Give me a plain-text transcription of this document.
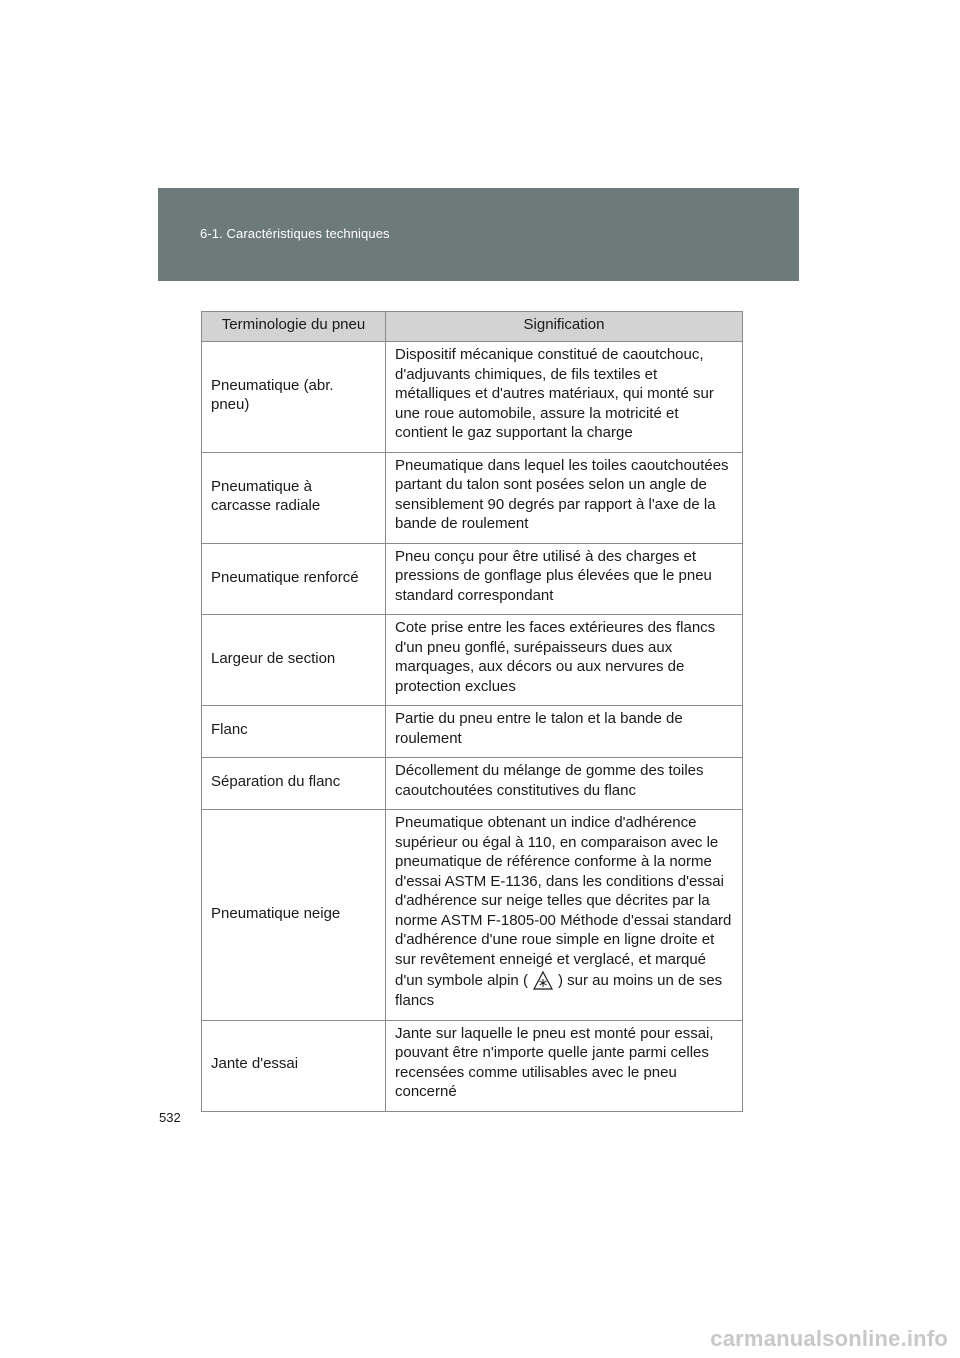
6-1. Caractéristiques techniques
Terminologie du pneu	Signification
Pneumatique (abr. pneu)	Dispositif mécanique constitué de caoutchouc, d'adjuvants chimiques, de fils textiles et métalliques et d'autres matériaux, qui monté sur une roue automobile, assure la motricité et contient le gaz supportant la charge
Pneumatique à carcasse radiale	Pneumatique dans lequel les toiles caoutchoutées partant du talon sont posées selon un angle de sensiblement 90 degrés par rapport à l'axe de la bande de roulement
Pneumatique renforcé	Pneu conçu pour être utilisé à des charges et pressions de gonflage plus élevées que le pneu standard correspondant
Largeur de section	Cote prise entre les faces extérieures des flancs d'un pneu gonflé, surépaisseurs dues aux marquages, aux décors ou aux nervures de protection exclues
Flanc	Partie du pneu entre le talon et la bande de roulement
Séparation du flanc	Décollement du mélange de gomme des toiles caoutchoutées constitutives du flanc
Pneumatique neige	Pneumatique obtenant un indice d'adhérence supérieur ou égal à 110, en comparaison avec le pneumatique de référence conforme à la norme d'essai ASTM E-1136, dans les conditions d'essai d'adhérence sur neige telles que décrites par la norme ASTM F-1805-00 Méthode d'essai standard d'adhérence d'une roue simple en ligne droite et sur revêtement enneigé et verglacé, et marqué d'un symbole alpin ( ) sur au moins un de ses flancs
Jante d'essai	Jante sur laquelle le pneu est monté pour essai, pouvant être n'importe quelle jante parmi celles recensées comme utilisables avec le pneu concerné
532
carmanualsonline.info
